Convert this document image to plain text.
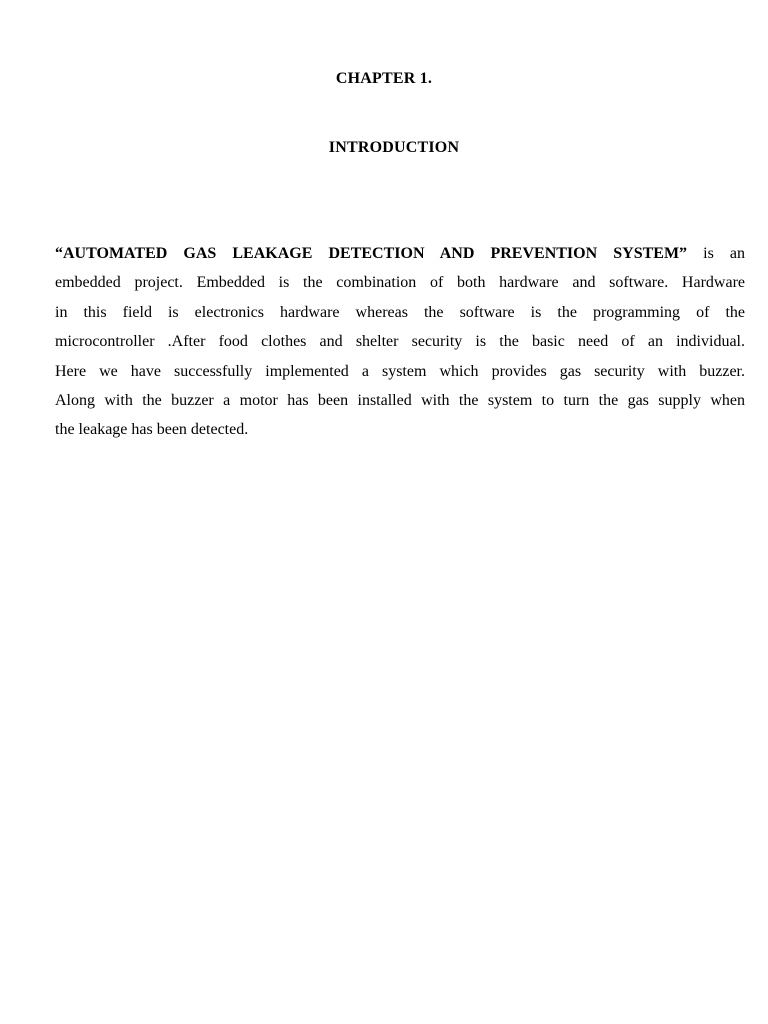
CHAPTER 1.
INTRODUCTION
“AUTOMATED GAS LEAKAGE DETECTION AND PREVENTION SYSTEM” is an
embedded project. Embedded is the combination of both hardware and software. Hardware
in this field is electronics hardware whereas the software is the programming of the
microcontroller .After food clothes and shelter security is the basic need of an individual.
Here we have successfully implemented a system which provides gas security with buzzer.
Along with the buzzer a motor has been installed with the system to turn the gas supply when
the leakage has been detected.
